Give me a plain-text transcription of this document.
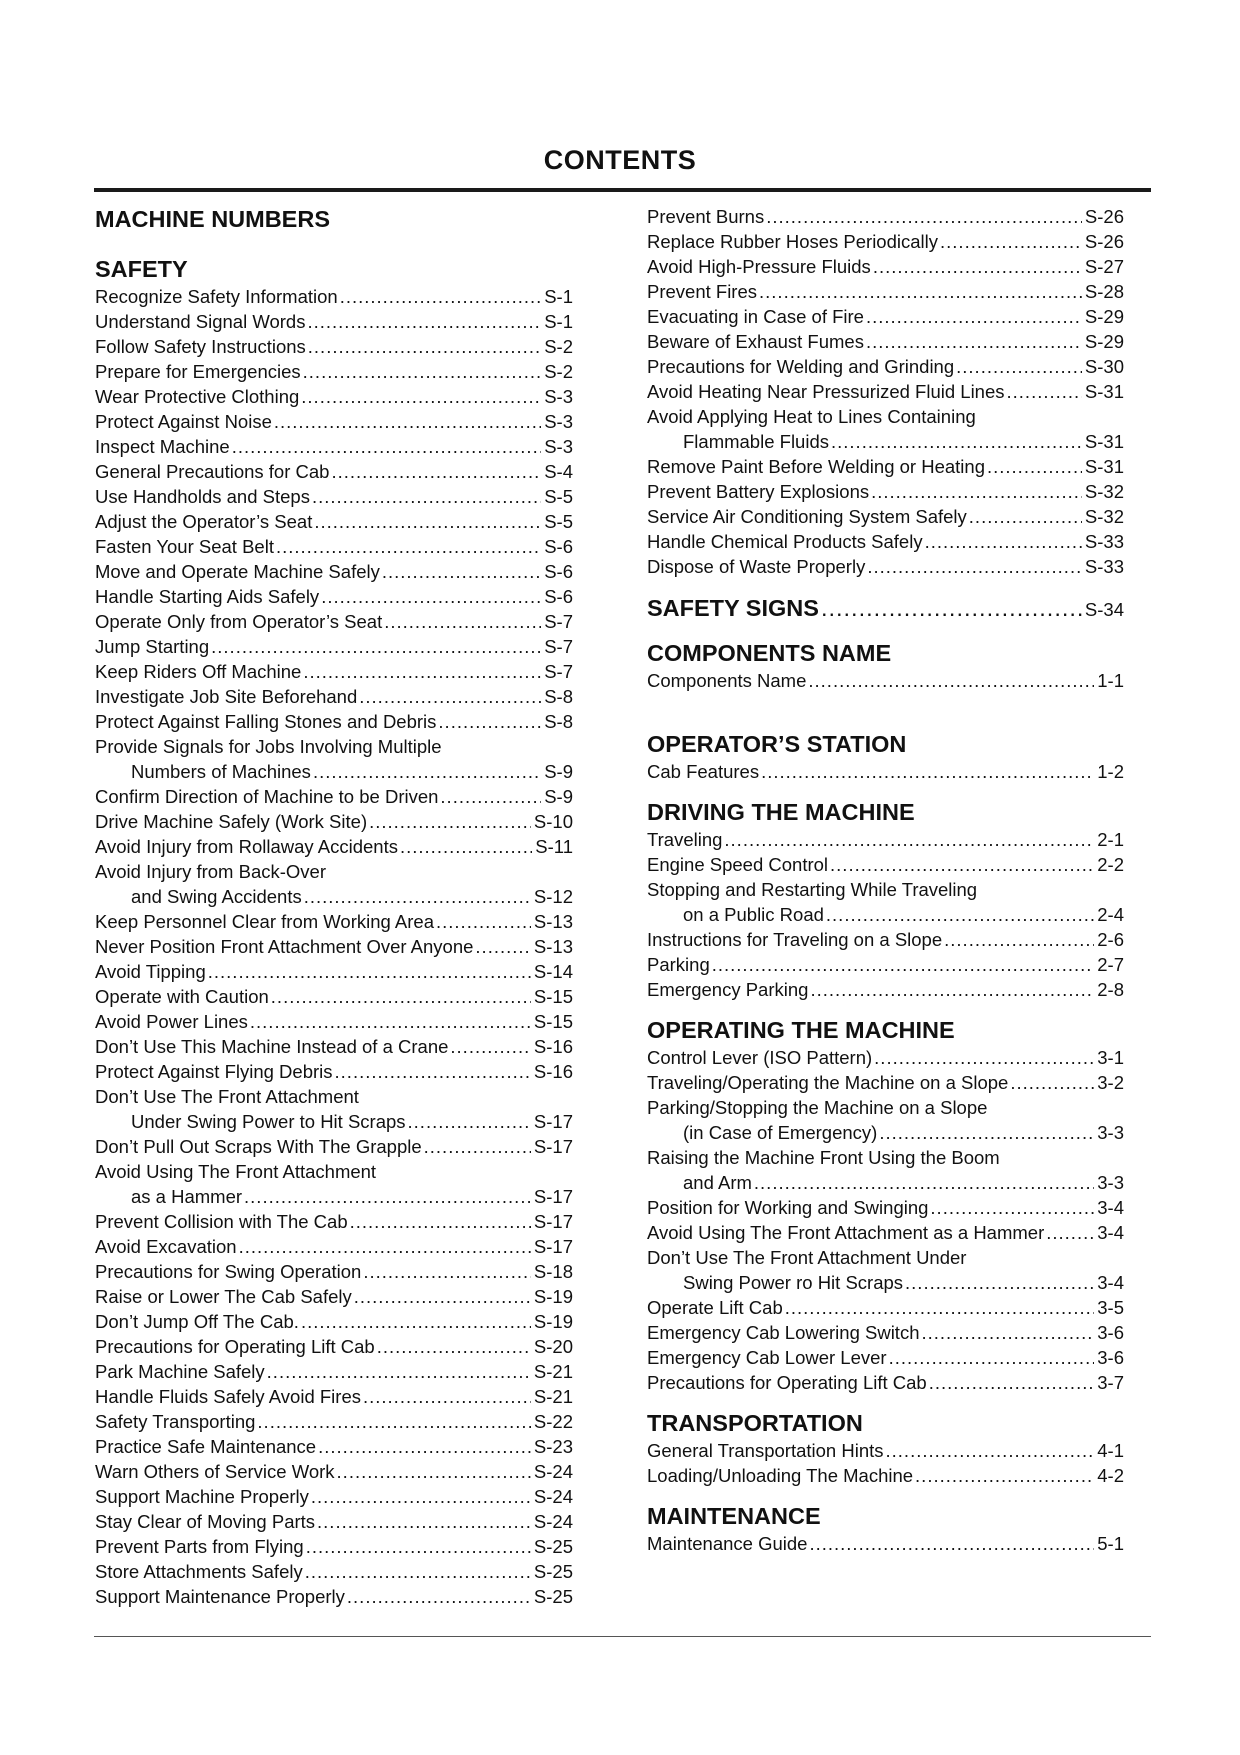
CONTENTS
MACHINE NUMBERS
SAFETY
Recognize Safety Information .....	S-1
Understand Signal Words .....	S-1
Follow Safety Instructions .....	S-2
Prepare for Emergencies .....	S-2
Wear Protective Clothing .....	S-3
Protect Against Noise .....	S-3
Inspect Machine .....	S-3
General Precautions for Cab .....	S-4
Use Handholds and Steps .....	S-5
Adjust the Operator’s Seat .....	S-5
Fasten Your Seat Belt .....	S-6
Move and Operate Machine Safely .....	S-6
Handle Starting Aids Safely .....	S-6
Operate Only from Operator’s Seat .....	S-7
Jump Starting .....	S-7
Keep Riders Off Machine .....	S-7
Investigate Job Site Beforehand .....	S-8
Protect Against Falling Stones and Debris .....	S-8
Provide Signals for Jobs Involving Multiple
Numbers of Machines .....	S-9
Confirm Direction of Machine to be Driven .....	S-9
Drive Machine Safely (Work Site) .....	S-10
Avoid Injury from Rollaway Accidents .....	S-11
Avoid Injury from Back-Over
and Swing Accidents .....	S-12
Keep Personnel Clear from Working Area .....	S-13
Never Position Front Attachment Over Anyone .....	S-13
Avoid Tipping .....	S-14
Operate with Caution .....	S-15
Avoid Power Lines .....	S-15
Don’t Use This Machine Instead of a Crane .....	S-16
Protect Against Flying Debris .....	S-16
Don’t Use The Front Attachment
Under Swing Power to Hit Scraps .....	S-17
Don’t Pull Out Scraps With The Grapple .....	S-17
Avoid Using The Front Attachment
as a Hammer .....	S-17
Prevent Collision with The Cab .....	S-17
Avoid Excavation .....	S-17
Precautions for Swing Operation .....	S-18
Raise or Lower The Cab Safely .....	S-19
Don’t Jump Off The Cab. .....	S-19
Precautions for Operating Lift Cab .....	S-20
Park Machine Safely .....	S-21
Handle Fluids Safely Avoid Fires .....	S-21
Safety Transporting .....	S-22
Practice Safe Maintenance .....	S-23
Warn Others of Service Work .....	S-24
Support Machine Properly .....	S-24
Stay Clear of Moving Parts .....	S-24
Prevent Parts from Flying .....	S-25
Store Attachments Safely .....	S-25
Support Maintenance Properly .....	S-25
Prevent Burns .....	S-26
Replace Rubber Hoses Periodically .....	S-26
Avoid High-Pressure Fluids .....	S-27
Prevent Fires .....	S-28
Evacuating in Case of Fire .....	S-29
Beware of Exhaust Fumes .....	S-29
Precautions for Welding and Grinding .....	S-30
Avoid Heating Near Pressurized Fluid Lines .....	S-31
Avoid Applying Heat to Lines Containing
Flammable Fluids .....	S-31
Remove Paint Before Welding or Heating .....	S-31
Prevent Battery Explosions .....	S-32
Service Air Conditioning System Safely .....	S-32
Handle Chemical Products Safely .....	S-33
Dispose of Waste Properly .....	S-33
SAFETY SIGNS .....	S-34
COMPONENTS NAME
Components Name .....	1-1
OPERATOR’S STATION
Cab Features .....	1-2
DRIVING THE MACHINE
Traveling .....	2-1
Engine Speed Control .....	2-2
Stopping and Restarting While Traveling
on a Public Road .....	2-4
Instructions for Traveling on a Slope .....	2-6
Parking .....	2-7
Emergency Parking .....	2-8
OPERATING THE MACHINE
Control Lever (ISO Pattern) .....	3-1
Traveling/Operating the Machine on a Slope .....	3-2
Parking/Stopping the Machine on a Slope
(in Case of Emergency) .....	3-3
Raising the Machine Front Using the Boom
and Arm .....	3-3
Position for Working and Swinging .....	3-4
Avoid Using The Front Attachment as a Hammer .....	3-4
Don’t Use The Front Attachment Under
Swing Power ro Hit Scraps .....	3-4
Operate Lift Cab .....	3-5
Emergency Cab Lowering Switch .....	3-6
Emergency Cab Lower Lever .....	3-6
Precautions for Operating Lift Cab .....	3-7
TRANSPORTATION
General Transportation Hints .....	4-1
Loading/Unloading The Machine .....	4-2
MAINTENANCE
Maintenance Guide .....	5-1
